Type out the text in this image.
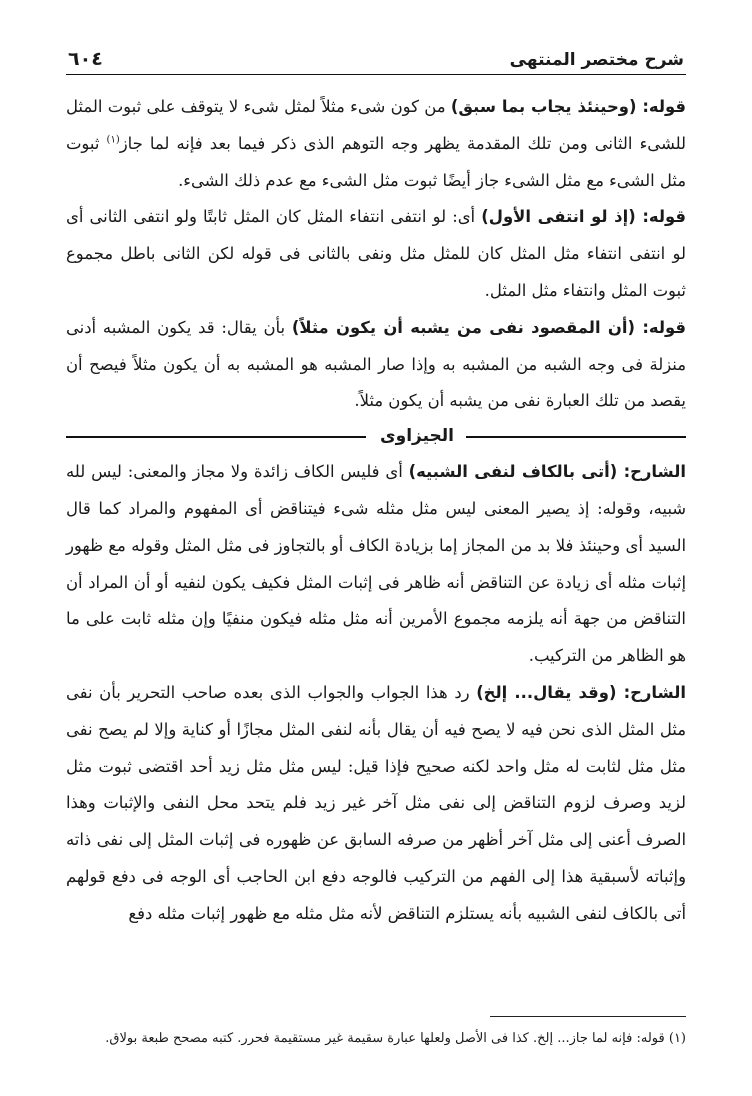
شرح مختصر المنتهى
٦٠٤

قوله: (وحينئذ يجاب بما سبق) من كون شىء مثلاً لمثل شىء لا يتوقف على ثبوت المثل للشىء الثانى ومن تلك المقدمة يظهر وجه التوهم الذى ذكر فيما بعد فإنه لما جاز$^{(١)}$ ثبوت مثل الشىء مع مثل الشىء جاز أيضًا ثبوت مثل الشىء مع عدم ذلك الشىء.

قوله: (إذ لو انتفى الأول) أى: لو انتفى انتفاء المثل كان المثل ثابتًا ولو انتفى الثانى أى لو انتفى انتفاء مثل المثل كان للمثل مثل ونفى بالثانى فى قوله لكن الثانى باطل مجموع ثبوت المثل وانتفاء مثل المثل.

قوله: (أن المقصود نفى من يشبه أن يكون مثلاً) بأن يقال: قد يكون المشبه أدنى منزلة فى وجه الشبه من المشبه به وإذا صار المشبه هو المشبه به أن يكون مثلاً فيصح أن يقصد من تلك العبارة نفى من يشبه أن يكون مثلاً.

الجيزاوى

الشارح: (أتى بالكاف لنفى الشبيه) أى فليس الكاف زائدة ولا مجاز والمعنى: ليس لله شبيه، وقوله: إذ يصير المعنى ليس مثل مثله شىء فيتناقض أى المفهوم والمراد كما قال السيد أى وحينئذ فلا بد من المجاز إما بزيادة الكاف أو بالتجاوز فى مثل المثل وقوله مع ظهور إثبات مثله أى زيادة عن التناقض أنه ظاهر فى إثبات المثل فكيف يكون لنفيه أو أن المراد أن التناقض من جهة أنه يلزمه مجموع الأمرين أنه مثل مثله فيكون منفيًا وإن مثله ثابت على ما هو الظاهر من التركيب.

الشارح: (وقد يقال... إلخ) رد هذا الجواب والجواب الذى بعده صاحب التحرير بأن نفى مثل المثل الذى نحن فيه لا يصح فيه أن يقال بأنه لنفى المثل مجازًا أو كناية وإلا لم يصح نفى مثل مثل لثابت له مثل واحد لكنه صحيح فإذا قيل: ليس مثل مثل زيد أحد اقتضى ثبوت مثل لزيد وصرف لزوم التناقض إلى نفى مثل آخر غير زيد فلم يتحد محل النفى والإثبات وهذا الصرف أعنى إلى مثل آخر أظهر من صرفه السابق عن ظهوره فى إثبات المثل إلى نفى ذاته وإثباته لأسبقية هذا إلى الفهم من التركيب فالوجه دفع ابن الحاجب أى الوجه فى دفع قولهم أتى بالكاف لنفى الشبيه بأنه يستلزم التناقض لأنه مثل مثله مع ظهور إثبات مثله دفع

(١) قوله: فإنه لما جاز... إلخ. كذا فى الأصل ولعلها عبارة سقيمة غير مستقيمة فحرر. كتبه مصحح طبعة بولاق.
